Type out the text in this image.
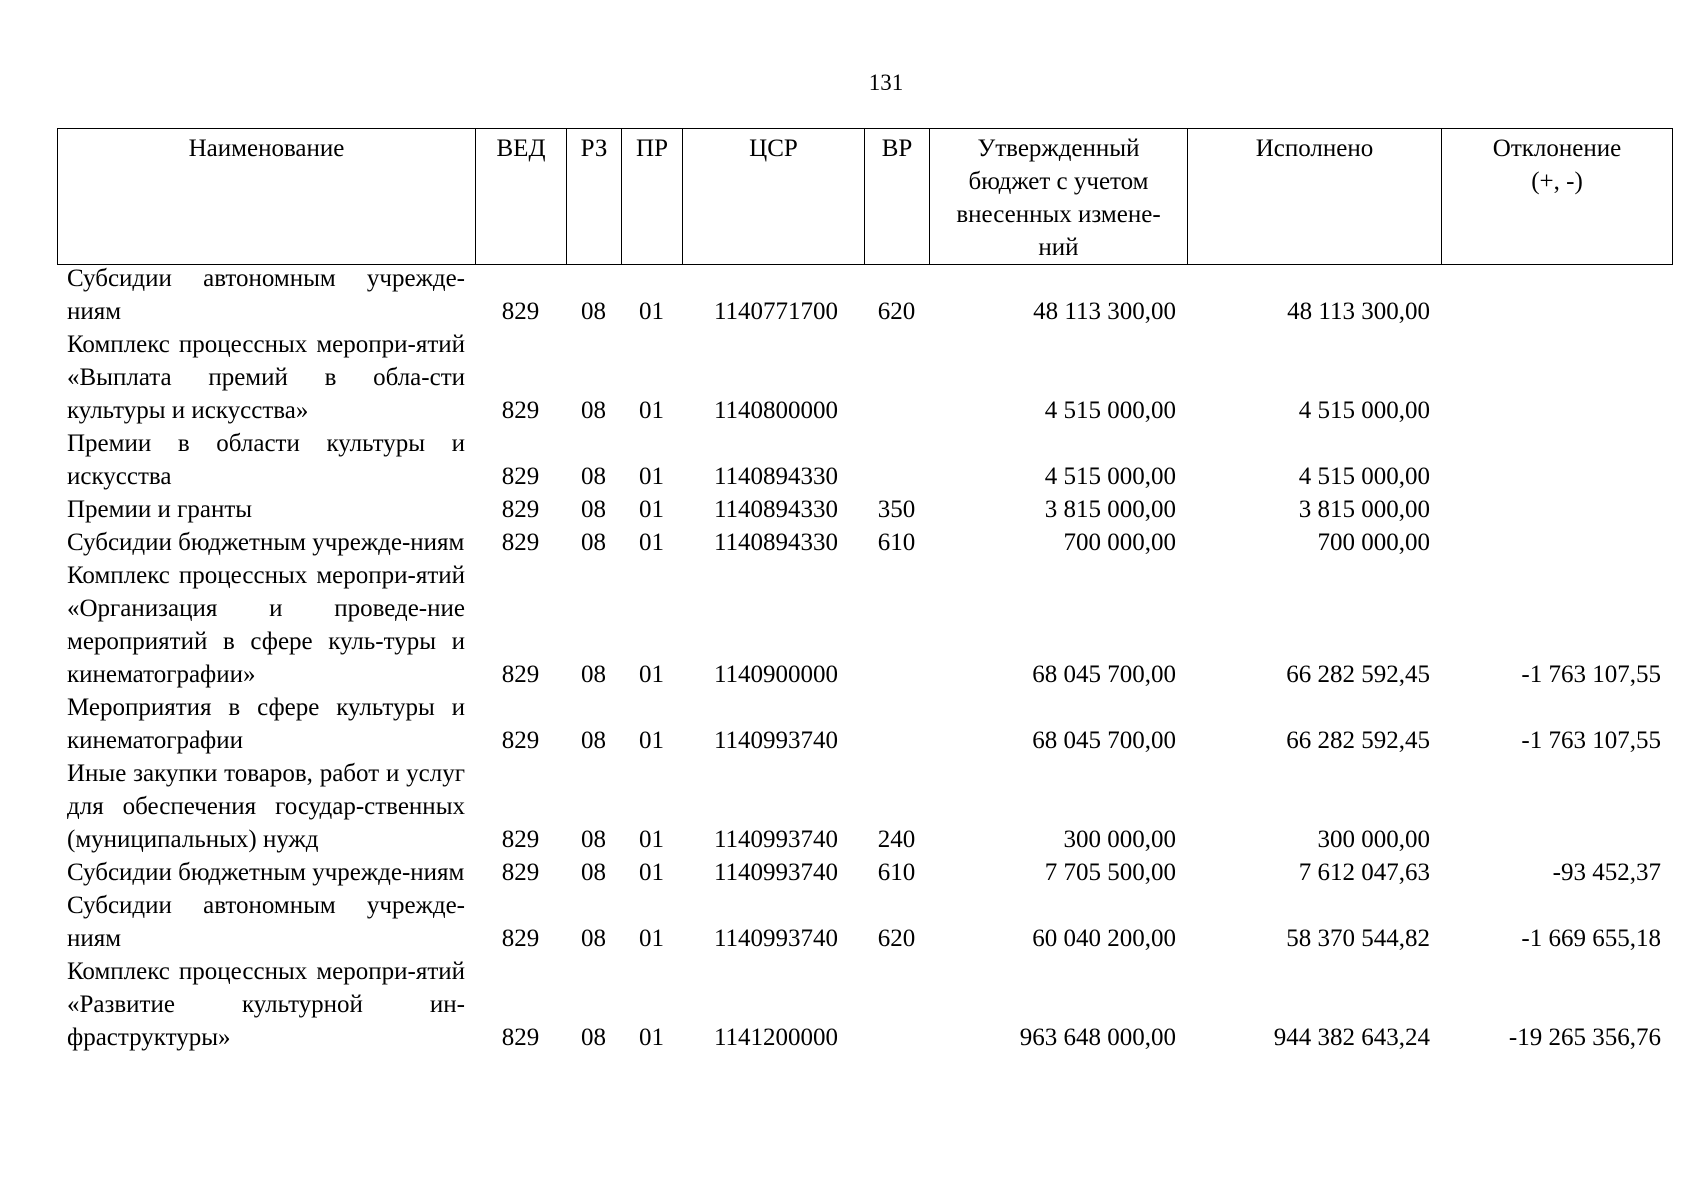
131
Наименование	ВЕД	РЗ	ПР	ЦСР	ВР	Утвержденный бюджет с учетом внесенных измене-ний	Исполнено	Отклонение (+, -)
Субсидии автономным учрежде-ниям	829	08	01	1140771700	620	48 113 300,00	48 113 300,00	
Комплекс процессных меропри-ятий «Выплата премий в обла-сти культуры и искусства»	829	08	01	1140800000		4 515 000,00	4 515 000,00	
Премии в области культуры и искусства	829	08	01	1140894330		4 515 000,00	4 515 000,00	
Премии и гранты	829	08	01	1140894330	350	3 815 000,00	3 815 000,00	
Субсидии бюджетным учрежде-ниям	829	08	01	1140894330	610	700 000,00	700 000,00	
Комплекс процессных меропри-ятий «Организация и проведе-ние мероприятий в сфере куль-туры и кинематографии»	829	08	01	1140900000		68 045 700,00	66 282 592,45	-1 763 107,55
Мероприятия в сфере культуры и кинематографии	829	08	01	1140993740		68 045 700,00	66 282 592,45	-1 763 107,55
Иные закупки товаров, работ и услуг для обеспечения государ-ственных (муниципальных) нужд	829	08	01	1140993740	240	300 000,00	300 000,00	
Субсидии бюджетным учрежде-ниям	829	08	01	1140993740	610	7 705 500,00	7 612 047,63	-93 452,37
Субсидии автономным учрежде-ниям	829	08	01	1140993740	620	60 040 200,00	58 370 544,82	-1 669 655,18
Комплекс процессных меропри-ятий «Развитие культурной ин-фраструктуры»	829	08	01	1141200000		963 648 000,00	944 382 643,24	-19 265 356,76
